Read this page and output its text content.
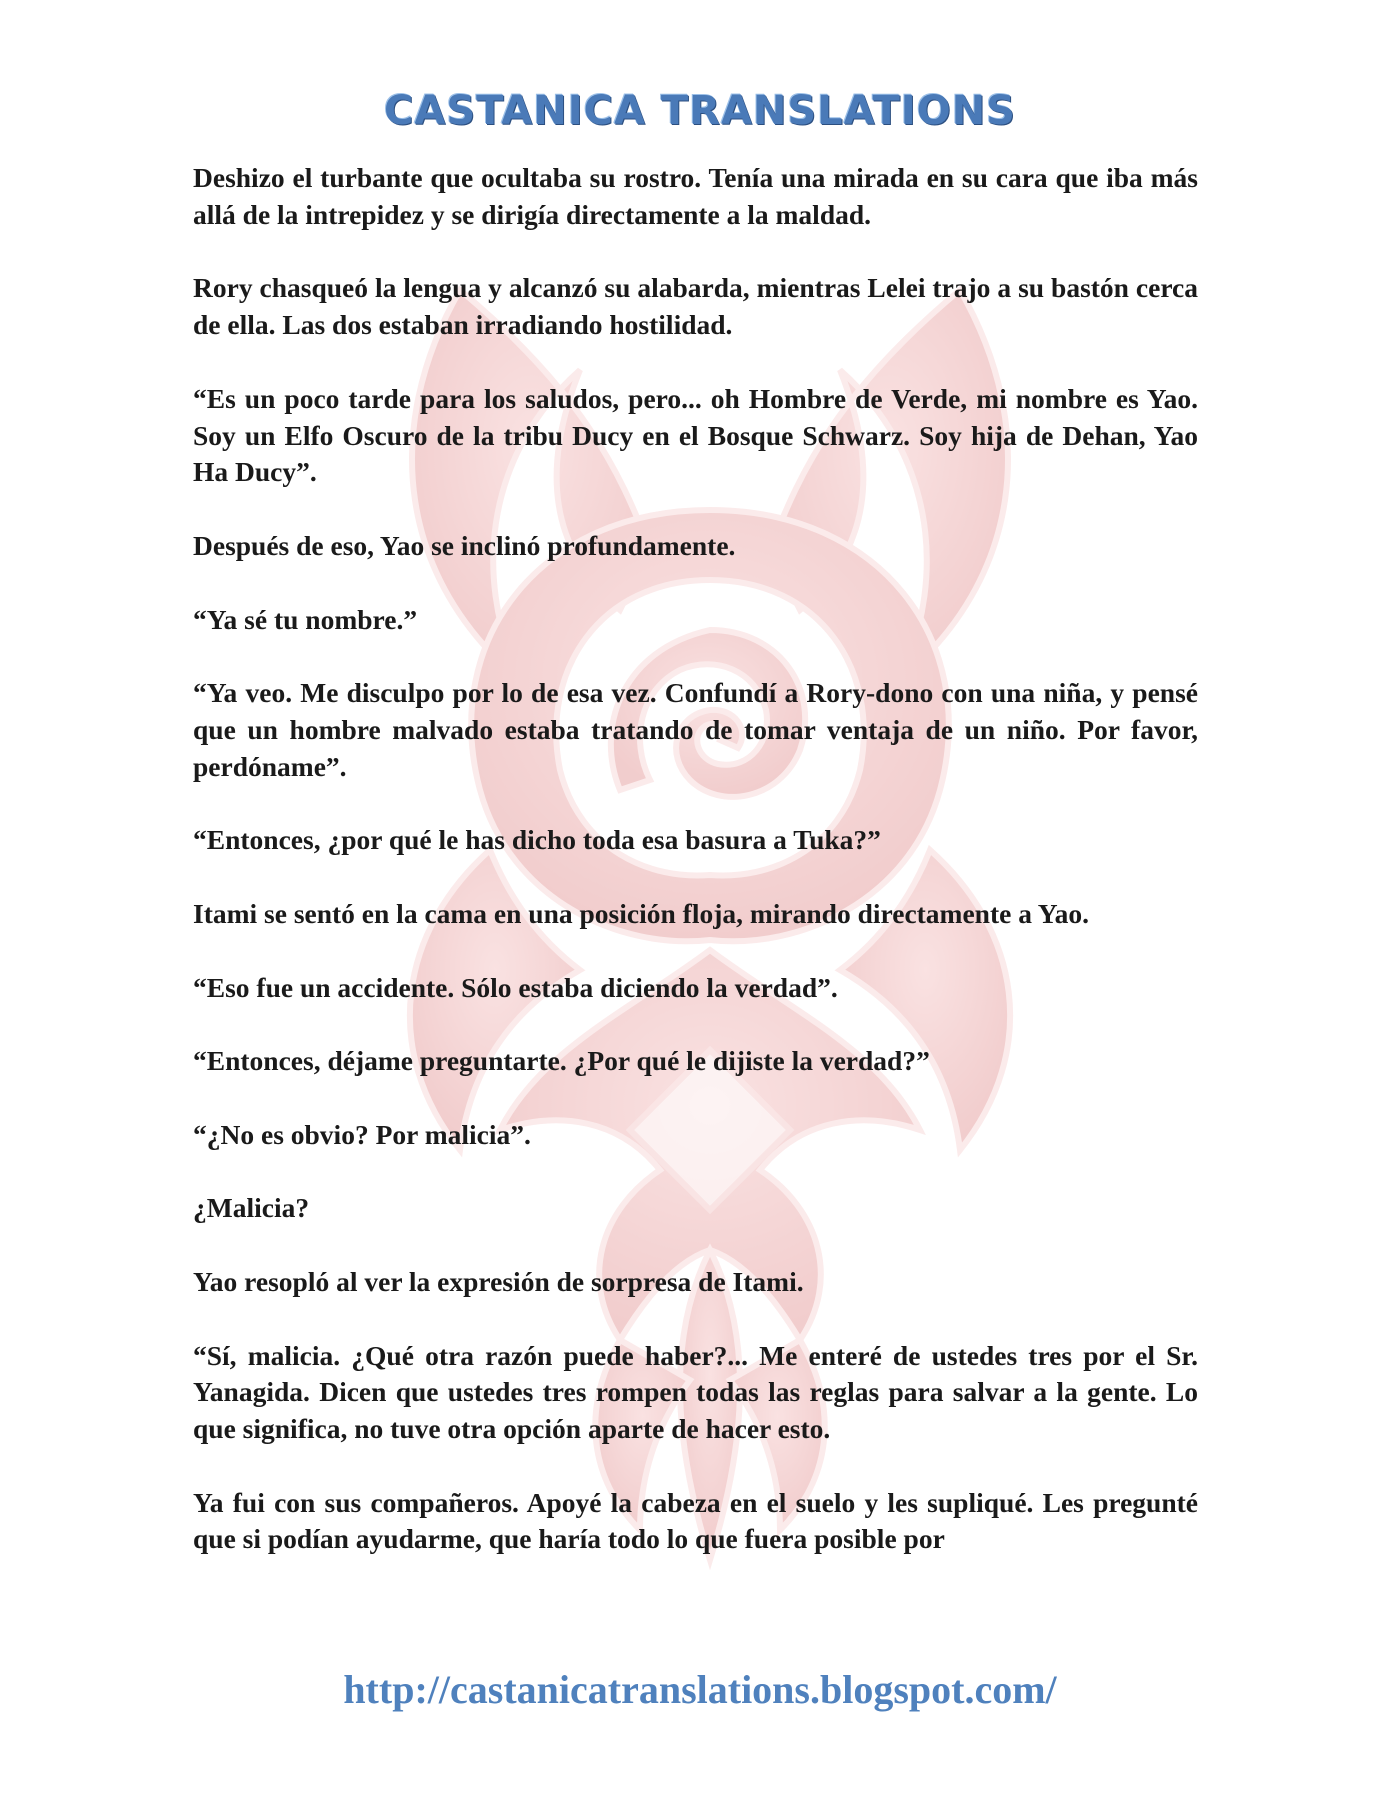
CASTANICA TRANSLATIONS

Deshizo el turbante que ocultaba su rostro. Tenía una mirada en su cara que iba más allá de la intrepidez y se dirigía directamente a la maldad.

Rory chasqueó la lengua y alcanzó su alabarda, mientras Lelei trajo a su bastón cerca de ella. Las dos estaban irradiando hostilidad.

“Es un poco tarde para los saludos, pero... oh Hombre de Verde, mi nombre es Yao. Soy un Elfo Oscuro de la tribu Ducy en el Bosque Schwarz. Soy hija de Dehan, Yao Ha Ducy”.

Después de eso, Yao se inclinó profundamente.

“Ya sé tu nombre.”

“Ya veo. Me disculpo por lo de esa vez. Confundí a Rory-dono con una niña, y pensé que un hombre malvado estaba tratando de tomar ventaja de un niño. Por favor, perdóname”.

“Entonces, ¿por qué le has dicho toda esa basura a Tuka?”

Itami se sentó en la cama en una posición floja, mirando directamente a Yao.

“Eso fue un accidente. Sólo estaba diciendo la verdad”.

“Entonces, déjame preguntarte. ¿Por qué le dijiste la verdad?”

“¿No es obvio? Por malicia”.

¿Malicia?

Yao resopló al ver la expresión de sorpresa de Itami.

“Sí, malicia. ¿Qué otra razón puede haber?... Me enteré de ustedes tres por el Sr. Yanagida. Dicen que ustedes tres rompen todas las reglas para salvar a la gente. Lo que significa, no tuve otra opción aparte de hacer esto.

Ya fui con sus compañeros. Apoyé la cabeza en el suelo y les supliqué. Les pregunté que si podían ayudarme, que haría todo lo que fuera posible por

http://castanicatranslations.blogspot.com/
